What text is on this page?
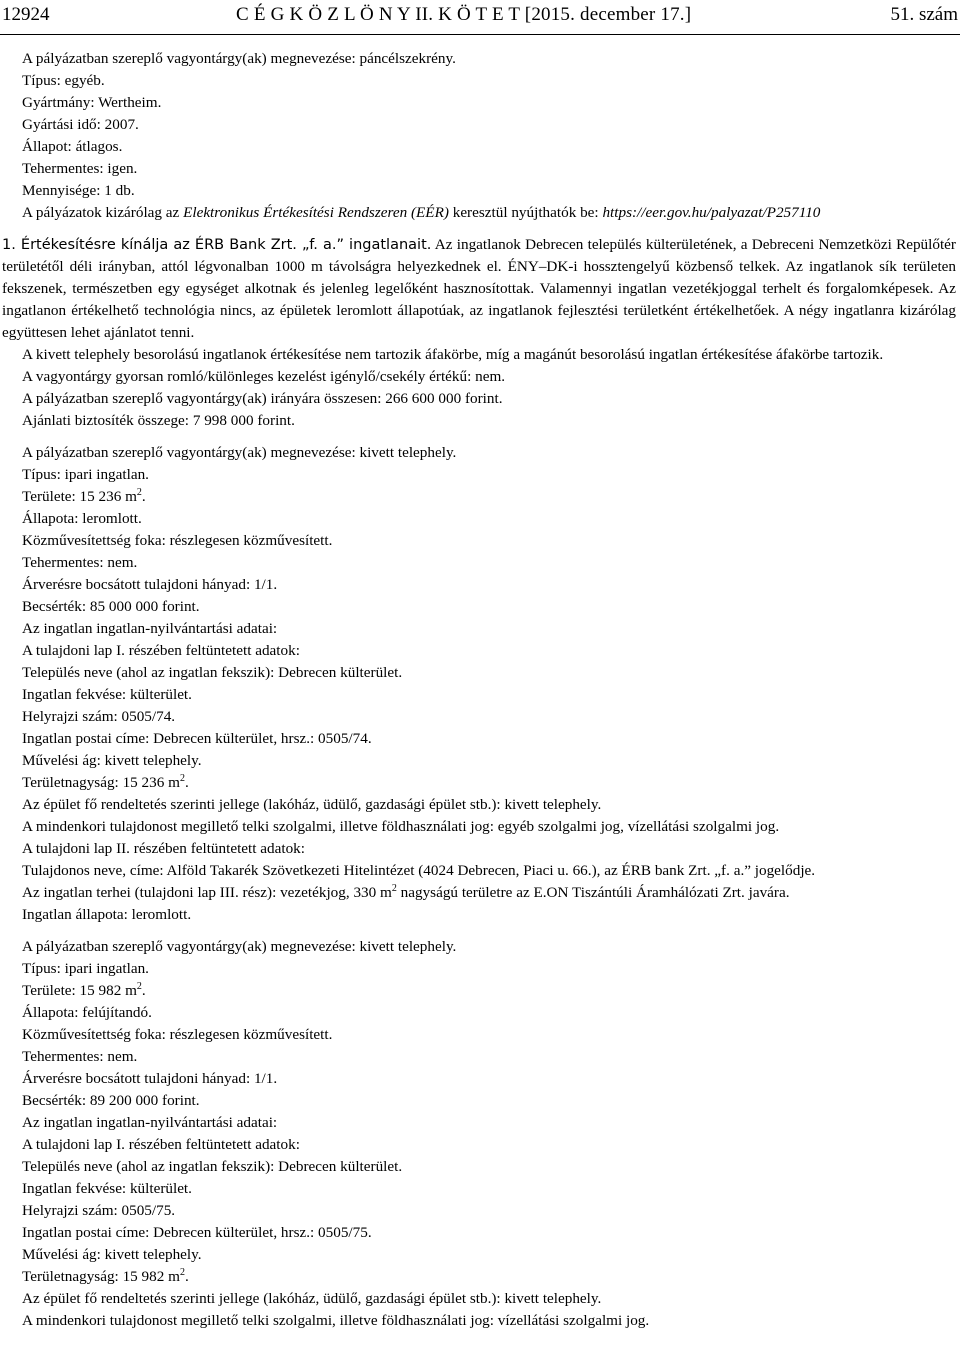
12924	C É G K Ö Z L Ö N Y II. K Ö T E T [2015. december 17.]	51. szám
A pályázatban szereplő vagyontárgy(ak) megnevezése: páncélszekrény.
Típus: egyéb.
Gyártmány: Wertheim.
Gyártási idő: 2007.
Állapot: átlagos.
Tehermentes: igen.
Mennyisége: 1 db.
A pályázatok kizárólag az Elektronikus Értékesítési Rendszeren (EÉR) keresztül nyújthatók be: https://eer.gov.hu/palyazat/P257110
1. Értékesítésre kínálja az ÉRB Bank Zrt. „f. a.” ingatlanait. Az ingatlanok Debrecen település külterületének, a Debreceni Nemzetközi Repülőtér területétől déli irányban, attól légvonalban 1000 m távolságra helyezkednek el. ÉNY–DK-i hossztengelyű közbenső telkek. Az ingatlanok sík területen fekszenek, természetben egy egységet alkotnak és jelenleg legelőként hasznosítottak. Valamennyi ingatlan vezetékjoggal terhelt és forgalomképesek. Az ingatlanon értékelhető technológia nincs, az épületek leromlott állapotúak, az ingatlanok fejlesztési területként értékelhetőek. A négy ingatlanra kizárólag együttesen lehet ajánlatot tenni.
A kivett telephely besorolású ingatlanok értékesítése nem tartozik áfakörbe, míg a magánút besorolású ingatlan értékesítése áfakörbe tartozik.
A vagyontárgy gyorsan romló/különleges kezelést igénylő/csekély értékű: nem.
A pályázatban szereplő vagyontárgy(ak) irányára összesen: 266 600 000 forint.
Ajánlati biztosíték összege: 7 998 000 forint.
A pályázatban szereplő vagyontárgy(ak) megnevezése: kivett telephely.
Típus: ipari ingatlan.
Területe: 15 236 $m^2$.
Állapota: leromlott.
Közművesítettség foka: részlegesen közművesített.
Tehermentes: nem.
Árverésre bocsátott tulajdoni hányad: 1/1.
Becsérték: 85 000 000 forint.
Az ingatlan ingatlan-nyilvántartási adatai:
A tulajdoni lap I. részében feltüntetett adatok:
Település neve (ahol az ingatlan fekszik): Debrecen külterület.
Ingatlan fekvése: külterület.
Helyrajzi szám: 0505/74.
Ingatlan postai címe: Debrecen külterület, hrsz.: 0505/74.
Művelési ág: kivett telephely.
Területnagyság: 15 236 $m^2$.
Az épület fő rendeltetés szerinti jellege (lakóház, üdülő, gazdasági épület stb.): kivett telephely.
A mindenkori tulajdonost megillető telki szolgalmi, illetve földhasználati jog: egyéb szolgalmi jog, vízellátási szolgalmi jog.
A tulajdoni lap II. részében feltüntetett adatok:
Tulajdonos neve, címe: Alföld Takarék Szövetkezeti Hitelintézet (4024 Debrecen, Piaci u. 66.), az ÉRB bank Zrt. „f. a.” jogelődje.
Az ingatlan terhei (tulajdoni lap III. rész): vezetékjog, 330 $m^2$ nagyságú területre az E.ON Tiszántúli Áramhálózati Zrt. javára.
Ingatlan állapota: leromlott.
A pályázatban szereplő vagyontárgy(ak) megnevezése: kivett telephely.
Típus: ipari ingatlan.
Területe: 15 982 $m^2$.
Állapota: felújítandó.
Közművesítettség foka: részlegesen közművesített.
Tehermentes: nem.
Árverésre bocsátott tulajdoni hányad: 1/1.
Becsérték: 89 200 000 forint.
Az ingatlan ingatlan-nyilvántartási adatai:
A tulajdoni lap I. részében feltüntetett adatok:
Település neve (ahol az ingatlan fekszik): Debrecen külterület.
Ingatlan fekvése: külterület.
Helyrajzi szám: 0505/75.
Ingatlan postai címe: Debrecen külterület, hrsz.: 0505/75.
Művelési ág: kivett telephely.
Területnagyság: 15 982 $m^2$.
Az épület fő rendeltetés szerinti jellege (lakóház, üdülő, gazdasági épület stb.): kivett telephely.
A mindenkori tulajdonost megillető telki szolgalmi, illetve földhasználati jog: vízellátási szolgalmi jog.
